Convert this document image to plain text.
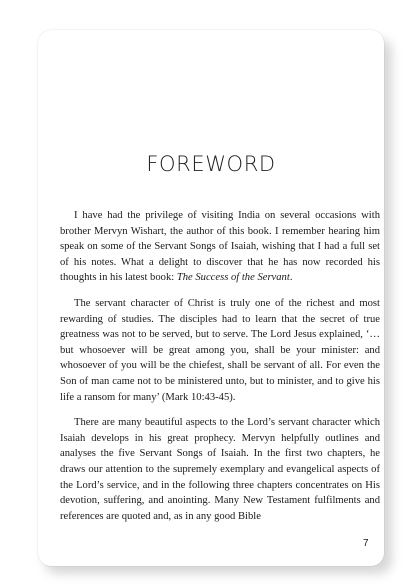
FOREWORD

I have had the privilege of visiting India on several occasions with brother Mervyn Wishart, the author of this book. I remember hearing him speak on some of the Servant Songs of Isaiah, wishing that I had a full set of his notes. What a delight to discover that he has now recorded his thoughts in his latest book: The Success of the Servant.

The servant character of Christ is truly one of the richest and most rewarding of studies. The disciples had to learn that the secret of true greatness was not to be served, but to serve. The Lord Jesus explained, ‘… but whosoever will be great among you, shall be your minister: and whosoever of you will be the chiefest, shall be servant of all. For even the Son of man came not to be ministered unto, but to minister, and to give his life a ransom for many’ (Mark 10:43-45).

There are many beautiful aspects to the Lord’s servant character which Isaiah develops in his great prophecy. Mervyn helpfully outlines and analyses the five Servant Songs of Isaiah. In the first two chapters, he draws our attention to the supremely exemplary and evangelical aspects of the Lord’s service, and in the following three chapters concentrates on His devotion, suffering, and anointing. Many New Testament fulfilments and references are quoted and, as in any good Bible

7
